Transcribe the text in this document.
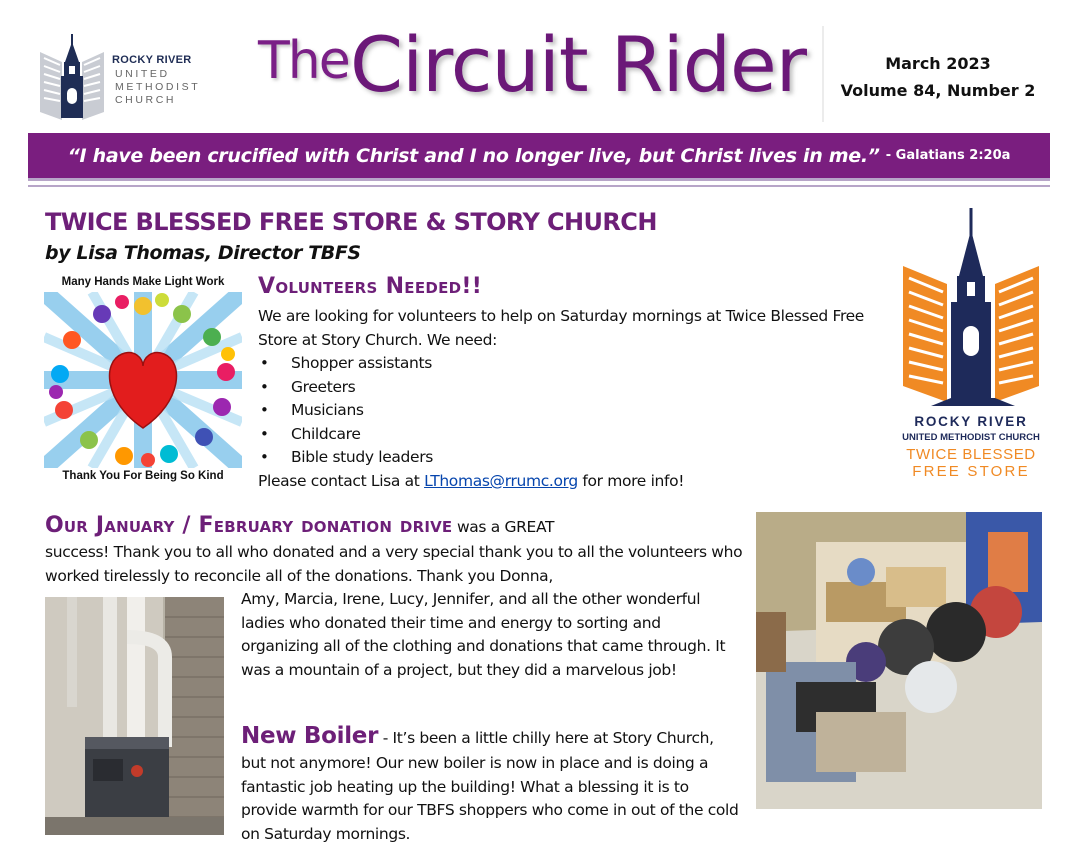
ROCKY RIVER
UNITED
METHODIST
CHURCH
The Circuit Rider	March 2023
Volume 84, Number 2
“I have been crucified with Christ and I no longer live, but Christ lives in me.” - Galatians 2:20a
TWICE BLESSED FREE STORE & STORY CHURCH
by Lisa Thomas, Director TBFS
Many Hands Make Light Work
Thank You For Being So Kind
Volunteers Needed!!
We are looking for volunteers to help on Saturday mornings at Twice Blessed Free Store at Story Church. We need:
• Shopper assistants
• Greeters
• Musicians
• Childcare
• Bible study leaders
Please contact Lisa at LThomas@rrumc.org for more info!
ROCKY RIVER
UNITED METHODIST CHURCH
TWICE BLESSED
FREE STORE
Our January / February donation drive was a GREAT
success! Thank you to all who donated and a very special thank you to all the volunteers who worked tirelessly to reconcile all of the donations. Thank you Donna,
Amy, Marcia, Irene, Lucy, Jennifer, and all the other wonderful ladies who donated their time and energy to sorting and organizing all of the clothing and donations that came through. It was a mountain of a project, but they did a marvelous job!
New Boiler - It’s been a little chilly here at Story Church,
but not anymore! Our new boiler is now in place and is doing a fantastic job heating up the building! What a blessing it is to provide warmth for our TBFS shoppers who come in out of the cold on Saturday mornings.
